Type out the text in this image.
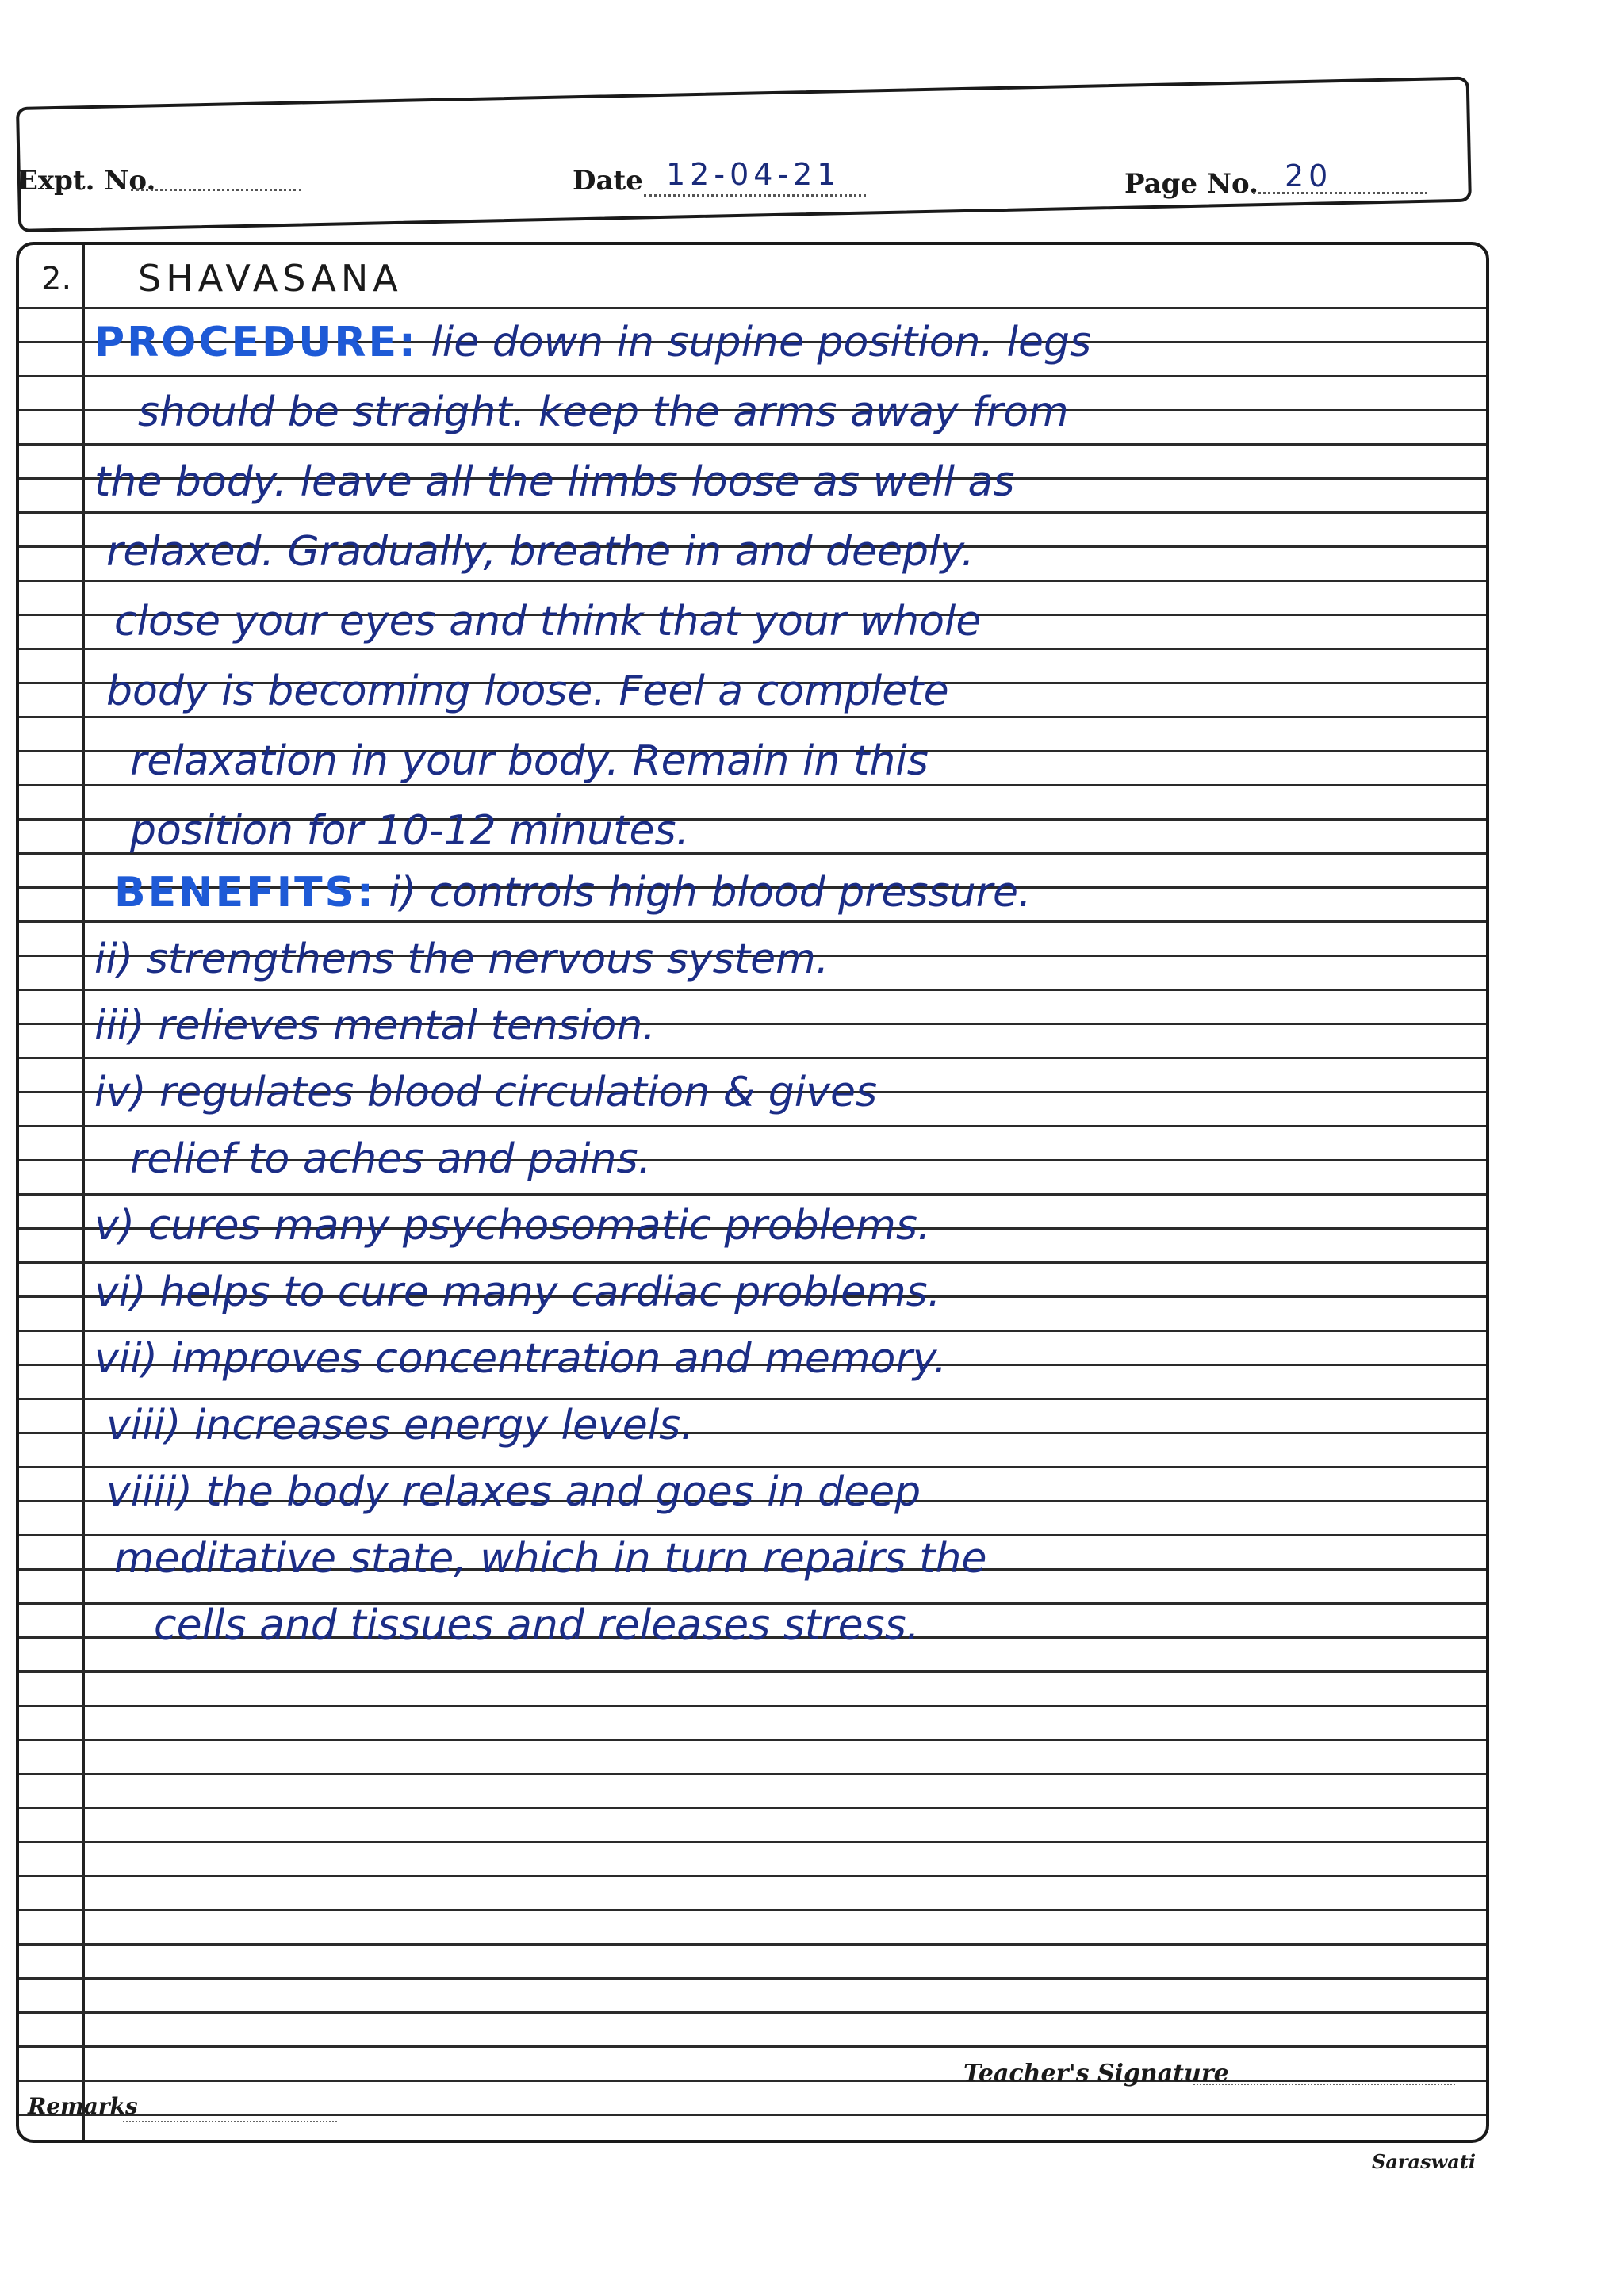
Expt. No.	Date 12-04-21	Page No. 20
2. SHAVASANA
PROCEDURE: lie down in supine position. legs
should be straight. keep the arms away from
the body. leave all the limbs loose as well as
relaxed. Gradually, breathe in and deeply.
close your eyes and think that your whole
body is becoming loose. Feel a complete
relaxation in your body. Remain in this
position for 10-12 minutes.
BENEFITS: i) controls high blood pressure.
ii) strengthens the nervous system.
iii) relieves mental tension.
iv) regulates blood circulation & gives
relief to aches and pains.
v) cures many psychosomatic problems.
vi) helps to cure many cardiac problems.
vii) improves concentration and memory.
viii) increases energy levels.
viiii) the body relaxes and goes in deep
meditative state, which in turn repairs the
cells and tissues and releases stress.
Remarks
Teacher's Signature
Saraswati
